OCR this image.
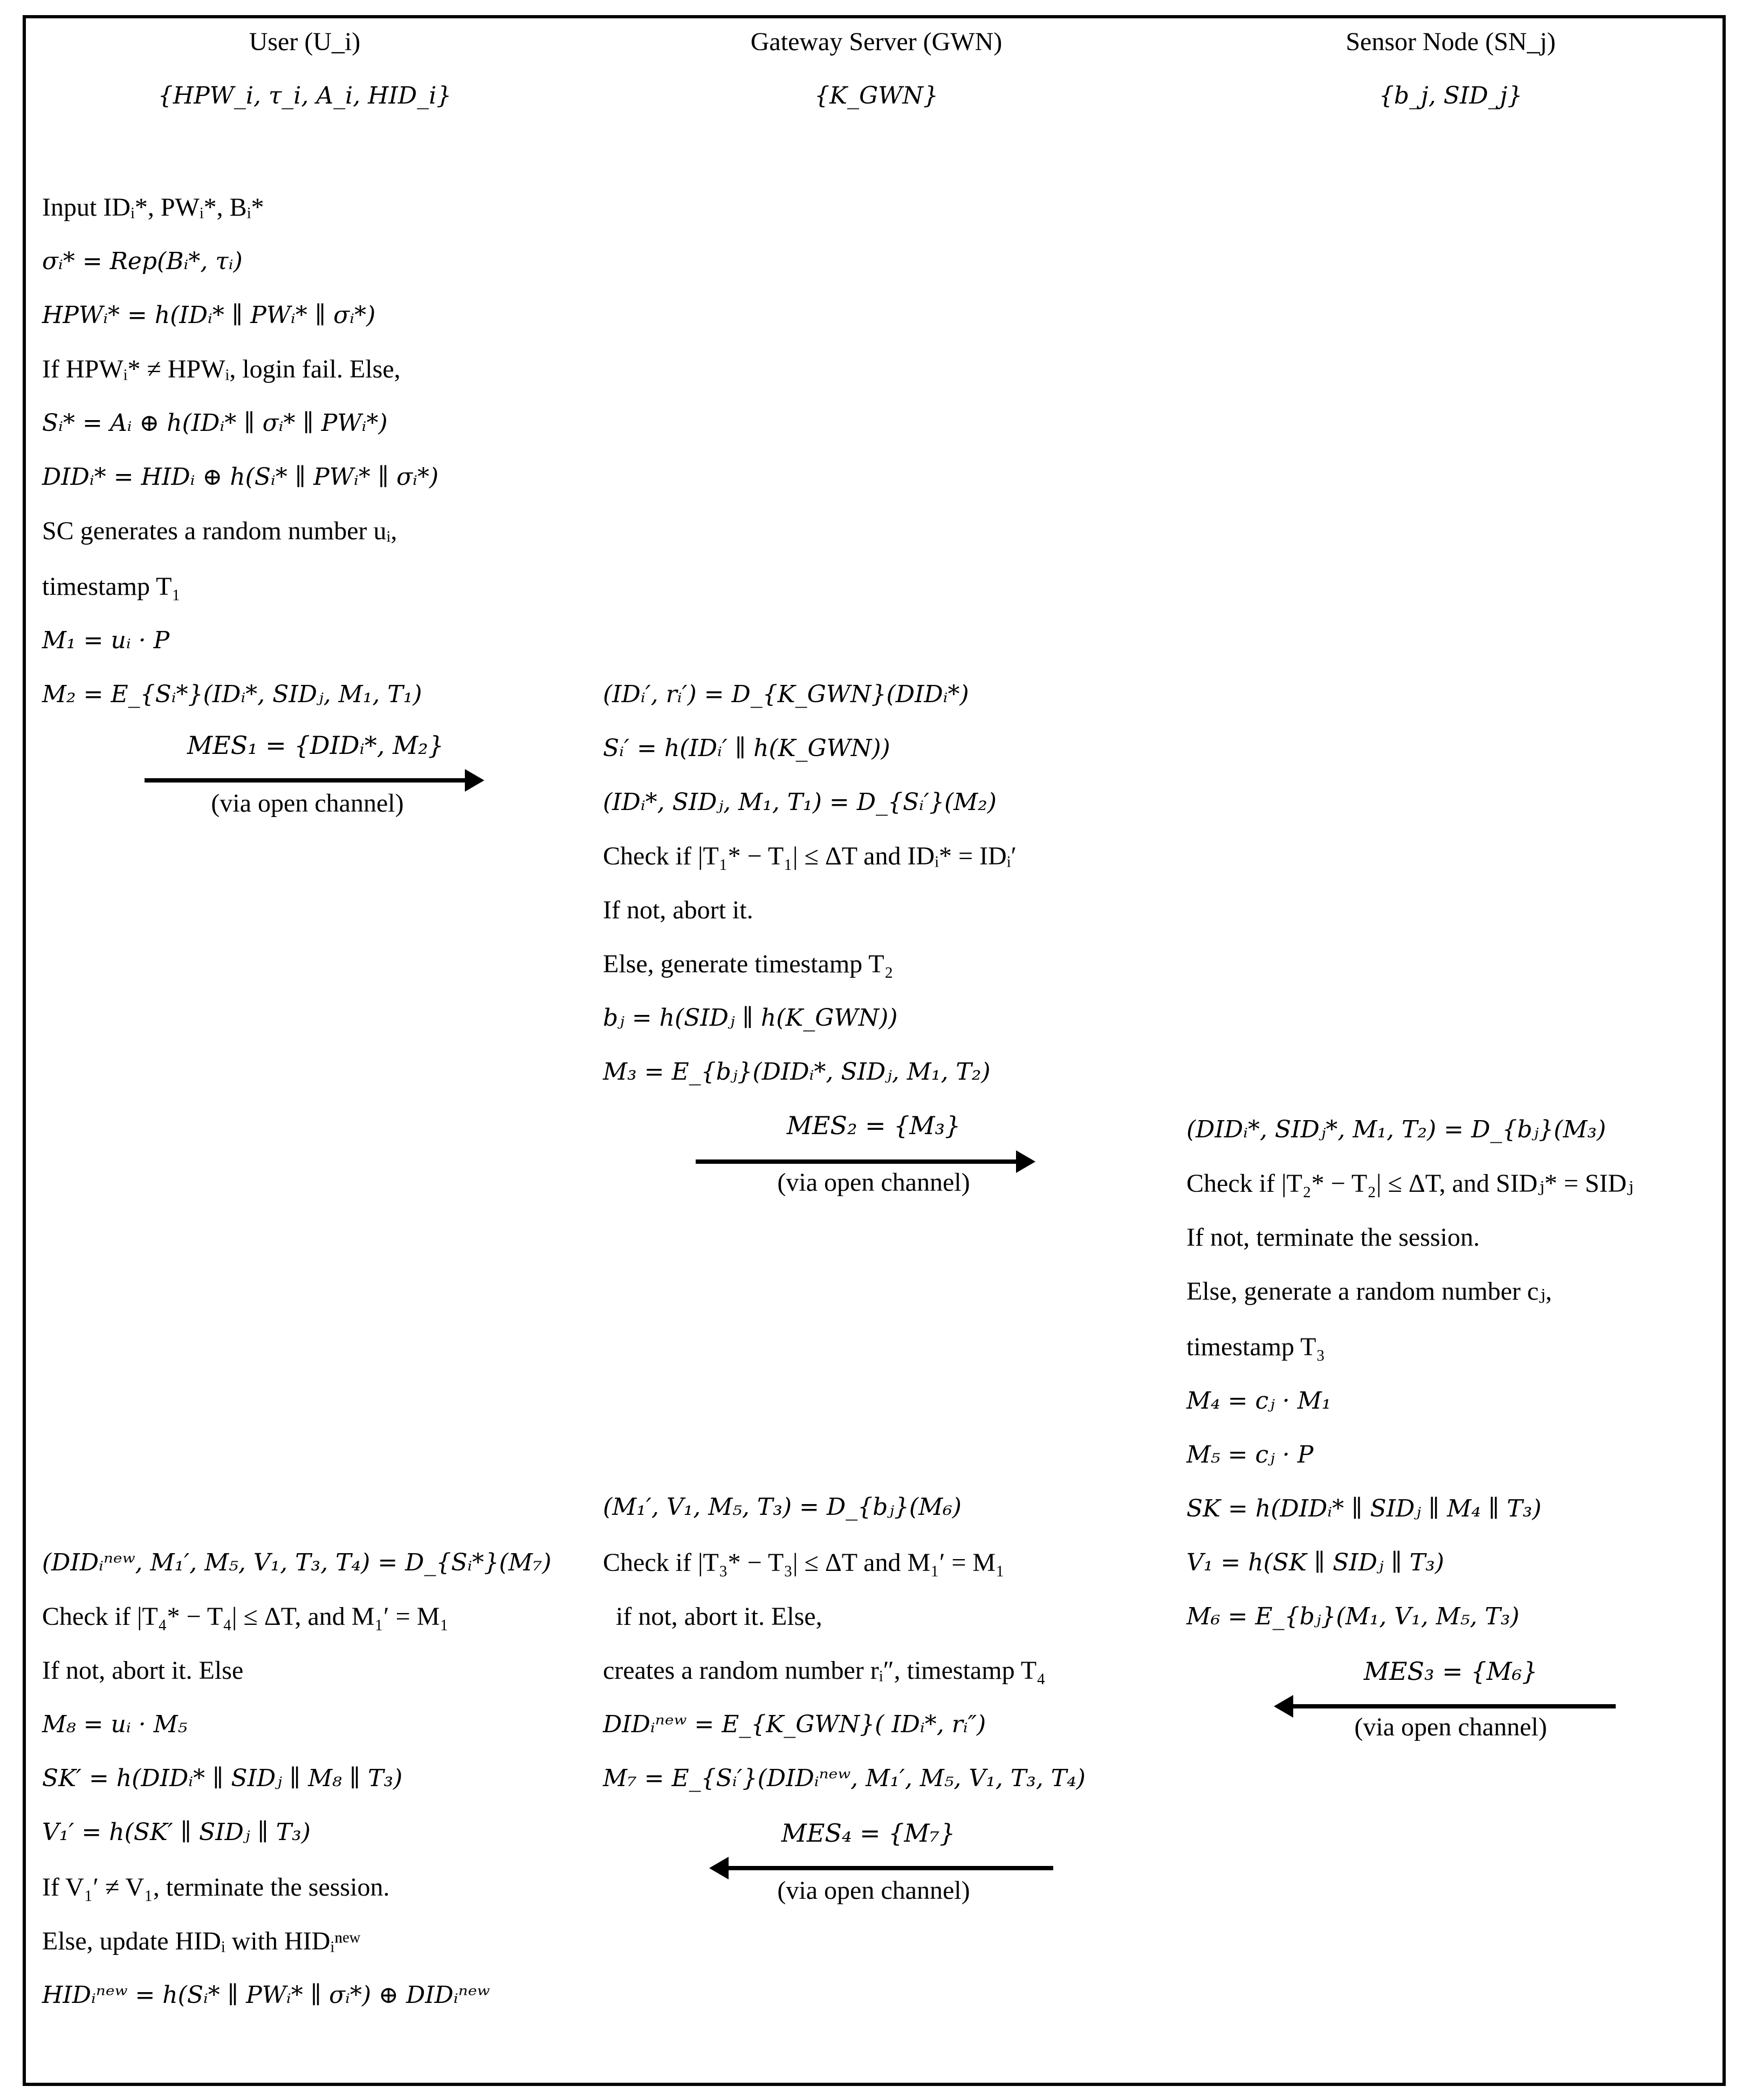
User (U_i)	Gateway Server (GWN)	Sensor Node (SN_j)
{HPW_i, τ_i, A_i, HID_i}	{K_GWN}	{b_j, SID_j}
Input IDᵢ*, PWᵢ*, Bᵢ*
σᵢ* = Rep(Bᵢ*, τᵢ)
HPWᵢ* = h(IDᵢ* ∥ PWᵢ* ∥ σᵢ*)
If HPWᵢ* ≠ HPWᵢ, login fail. Else,
Sᵢ* = Aᵢ ⊕ h(IDᵢ* ∥ σᵢ* ∥ PWᵢ*)
DIDᵢ* = HIDᵢ ⊕ h(Sᵢ* ∥ PWᵢ* ∥ σᵢ*)
SC generates a random number uᵢ,
timestamp T₁
M₁ = uᵢ · P
M₂ = E_{Sᵢ*}(IDᵢ*, SIDⱼ, M₁, T₁)
MES₁ = {DIDᵢ*, M₂}
(via open channel)
(IDᵢ′, rᵢ′) = D_{K_GWN}(DIDᵢ*)
Sᵢ′ = h(IDᵢ′ ∥ h(K_GWN))
(IDᵢ*, SIDⱼ, M₁, T₁) = D_{Sᵢ′}(M₂)
Check if |T₁* − T₁| ≤ ΔT and IDᵢ* = IDᵢ′
If not, abort it.
Else, generate timestamp T₂
bⱼ = h(SIDⱼ ∥ h(K_GWN))
M₃ = E_{bⱼ}(DIDᵢ*, SIDⱼ, M₁, T₂)
MES₂ = {M₃}
(via open channel)
(DIDᵢ*, SIDⱼ*, M₁, T₂) = D_{bⱼ}(M₃)
Check if |T₂* − T₂| ≤ ΔT, and SIDⱼ* = SIDⱼ
If not, terminate the session.
Else, generate a random number cⱼ,
timestamp T₃
M₄ = cⱼ · M₁
M₅ = cⱼ · P
SK = h(DIDᵢ* ∥ SIDⱼ ∥ M₄ ∥ T₃)
V₁ = h(SK ∥ SIDⱼ ∥ T₃)
M₆ = E_{bⱼ}(M₁, V₁, M₅, T₃)
MES₃ = {M₆}
(via open channel)
(M₁′, V₁, M₅, T₃) = D_{bⱼ}(M₆)
Check if |T₃* − T₃| ≤ ΔT and M₁′ = M₁
if not, abort it. Else,
creates a random number rᵢ″, timestamp T₄
DIDᵢⁿᵉʷ = E_{K_GWN}( IDᵢ*, rᵢ″)
M₇ = E_{Sᵢ′}(DIDᵢⁿᵉʷ, M₁′, M₅, V₁, T₃, T₄)
MES₄ = {M₇}
(via open channel)
(DIDᵢⁿᵉʷ, M₁′, M₅, V₁, T₃, T₄) = D_{Sᵢ*}(M₇)
Check if |T₄* − T₄| ≤ ΔT, and M₁′ = M₁
If not, abort it. Else
M₈ = uᵢ · M₅
SK′ = h(DIDᵢ* ∥ SIDⱼ ∥ M₈ ∥ T₃)
V₁′ = h(SK′ ∥ SIDⱼ ∥ T₃)
If V₁′ ≠ V₁, terminate the session.
Else, update HIDᵢ with HIDᵢⁿᵉʷ
HIDᵢⁿᵉʷ = h(Sᵢ* ∥ PWᵢ* ∥ σᵢ*) ⊕ DIDᵢⁿᵉʷ
